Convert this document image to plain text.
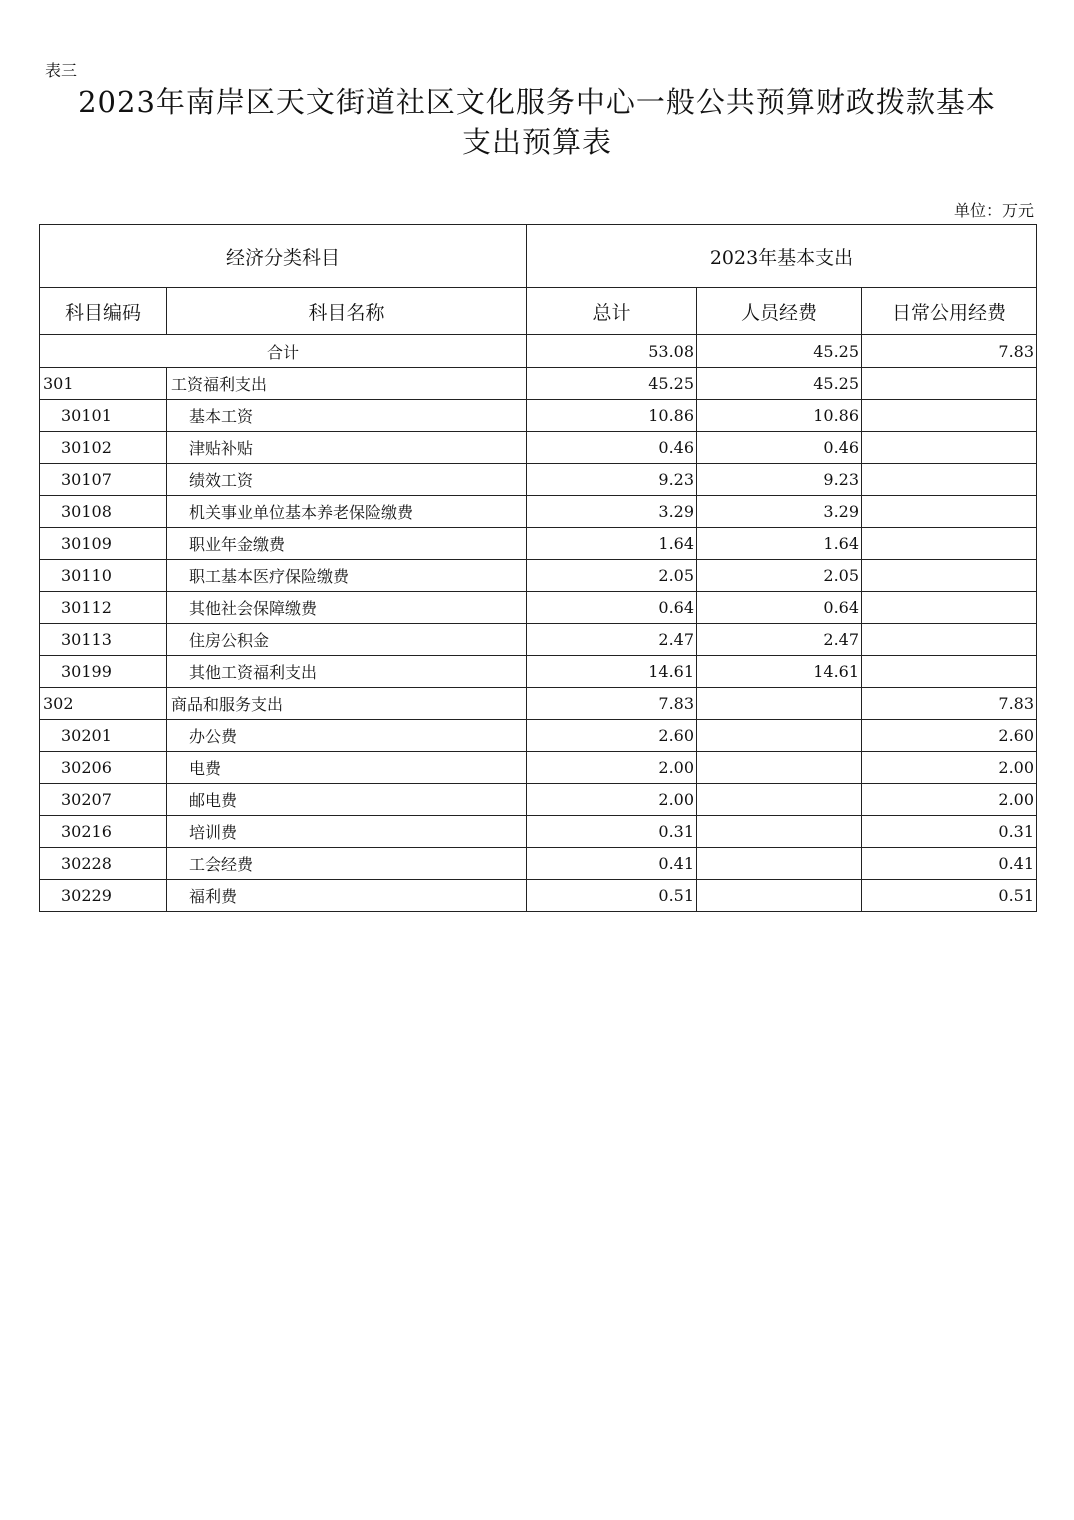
表三
2023年南岸区天文街道社区文化服务中心一般公共预算财政拨款基本
支出预算表
单位：万元
经济分类科目		2023年基本支出		
科目编码	科目名称	总计	人员经费	日常公用经费
合计		53.08	45.25	7.83
301	工资福利支出	45.25	45.25	
30101	基本工资	10.86	10.86	
30102	津贴补贴	0.46	0.46	
30107	绩效工资	9.23	9.23	
30108	机关事业单位基本养老保险缴费	3.29	3.29	
30109	职业年金缴费	1.64	1.64	
30110	职工基本医疗保险缴费	2.05	2.05	
30112	其他社会保障缴费	0.64	0.64	
30113	住房公积金	2.47	2.47	
30199	其他工资福利支出	14.61	14.61	
302	商品和服务支出	7.83		7.83
30201	办公费	2.60		2.60
30206	电费	2.00		2.00
30207	邮电费	2.00		2.00
30216	培训费	0.31		0.31
30228	工会经费	0.41		0.41
30229	福利费	0.51		0.51
